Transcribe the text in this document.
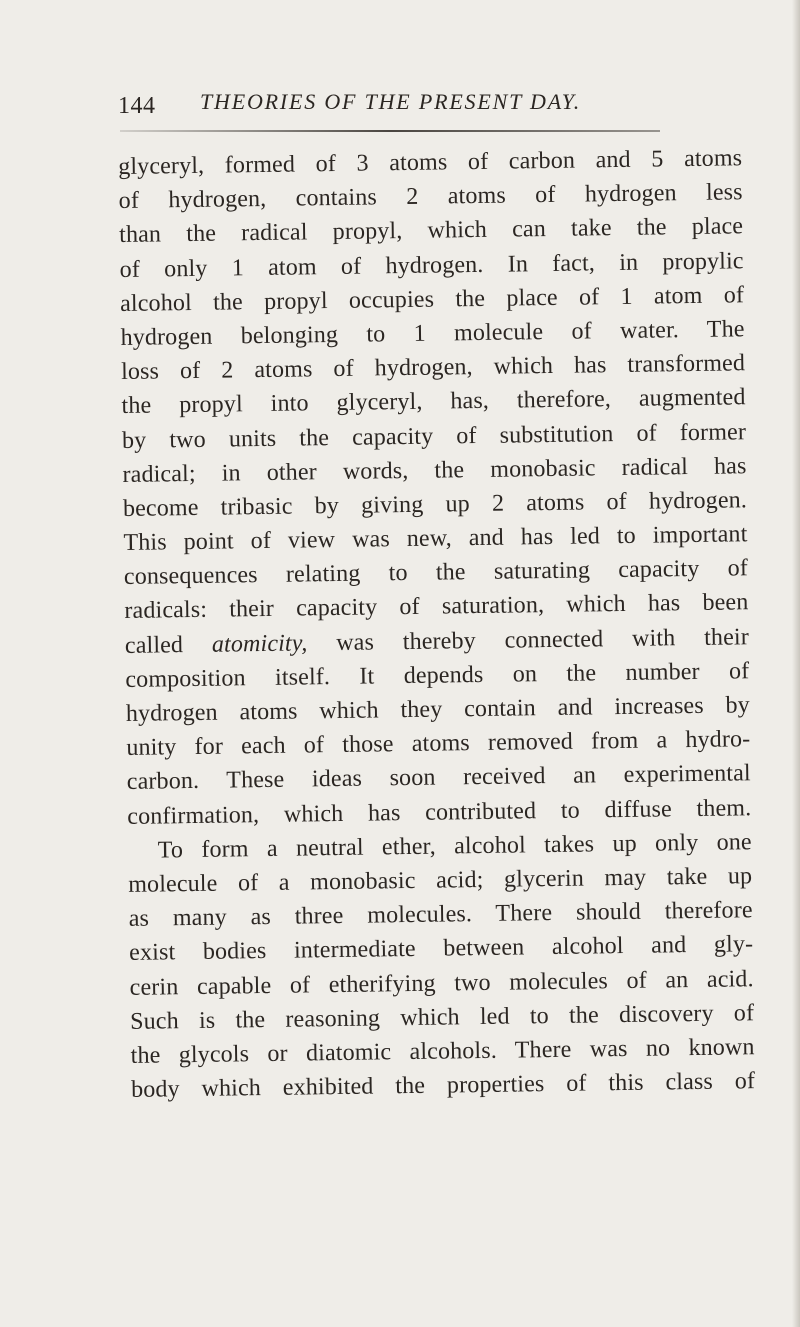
144 THEORIES OF THE PRESENT DAY.
glyceryl, formed of 3 atoms of carbon and 5 atoms
of hydrogen, contains 2 atoms of hydrogen less
than the radical propyl, which can take the place
of only 1 atom of hydrogen. In fact, in propylic
alcohol the propyl occupies the place of 1 atom of
hydrogen belonging to 1 molecule of water. The
loss of 2 atoms of hydrogen, which has transformed
the propyl into glyceryl, has, therefore, augmented
by two units the capacity of substitution of former
radical; in other words, the monobasic radical has
become tribasic by giving up 2 atoms of hydrogen.
This point of view was new, and has led to important
consequences relating to the saturating capacity of
radicals: their capacity of saturation, which has been
called atomicity, was thereby connected with their
composition itself. It depends on the number of
hydrogen atoms which they contain and increases by
unity for each of those atoms removed from a hydro-
carbon. These ideas soon received an experimental
confirmation, which has contributed to diffuse them.
To form a neutral ether, alcohol takes up only one
molecule of a monobasic acid; glycerin may take up
as many as three molecules. There should therefore
exist bodies intermediate between alcohol and gly-
cerin capable of etherifying two molecules of an acid.
Such is the reasoning which led to the discovery of
the glycols or diatomic alcohols. There was no known
body which exhibited the properties of this class of
